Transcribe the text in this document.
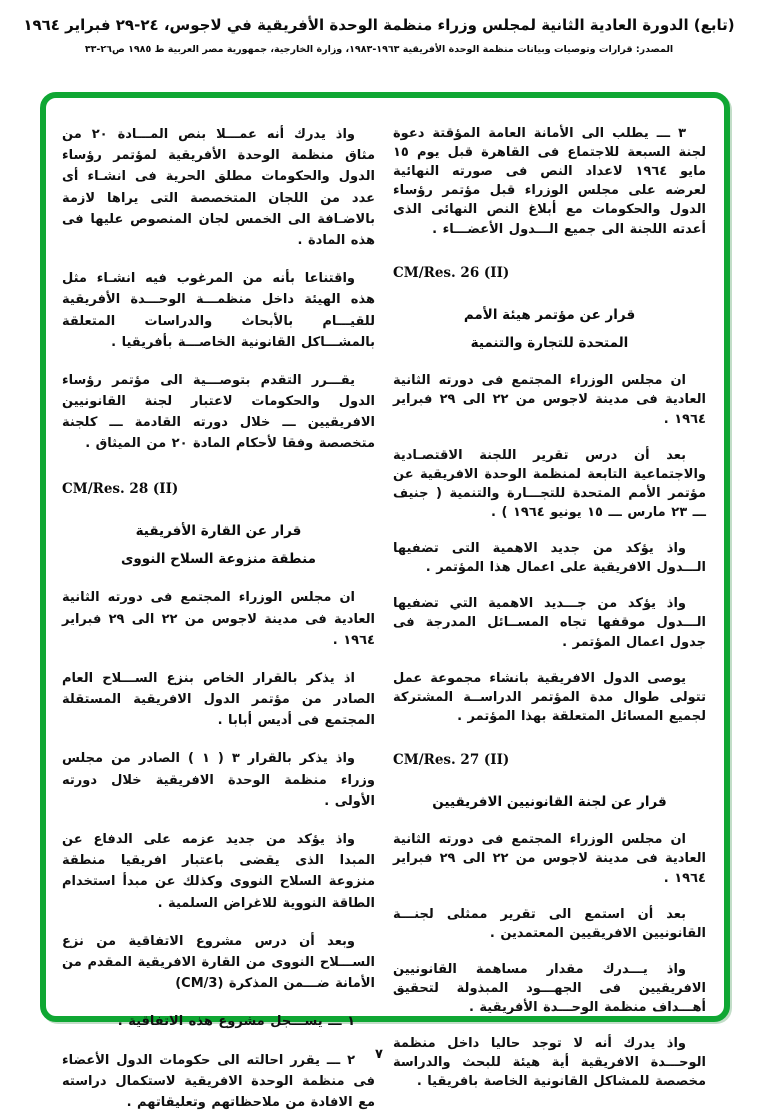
(تابع) الدورة العادية الثانية لمجلس وزراء منظمة الوحدة الأفريقية في لاجوس، ٢٤-٢٩ فبراير ١٩٦٤
المصدر: قرارات وتوصيات وبيانات منظمة الوحدة الأفريقية ١٩٦٣-١٩٨٣، وزارة الخارجية، جمهورية مصر العربية ط ١٩٨٥ ص٢٦-٣٣

٣ ـــ يطلب الى الأمانة العامة المؤقتة دعوة لجنة السبعة للاجتماع فى القاهرة قبل يوم ١٥ مايو ١٩٦٤ لاعداد النص فى صورته النهائية لعرضه على مجلس الوزراء قبل مؤتمر رؤساء الدول والحكومات مع أبلاغ النص النهائى الذى أعدته اللجنة الى جميع الـــدول الأعضـــاء .

CM/Res. 26 (II)
قرار عن مؤتمر هيئة الأمم
المتحدة للتجارة والتنمية

ان مجلس الوزراء المجتمع فى دورته الثانية العادية فى مدينة لاجوس من ٢٢ الى ٢٩ فبراير ١٩٦٤ .

بعد أن درس تقرير اللجنة الاقتصـادية والاجتماعية التابعة لمنظمة الوحدة الافريقية عن مؤتمر الأمم المتحدة للتجـــارة والتنمية ( جنيف ـــ ٢٣ مارس ـــ ١٥ يونيو ١٩٦٤ ) .

واذ يؤكد من جديد الاهمية التى تضفيها الـــدول الافريقية على اعمال هذا المؤتمر .

واذ يؤكد من جـــديد الاهمية التي تضفيها الـــدول موقفها تجاه المســائل المدرجة فى جدول اعمال المؤتمر .

يوصى الدول الافريقية بانشاء مجموعة عمل تتولى طوال مدة المؤتمر الدراســة المشتركة لجميع المسائل المتعلقة بهذا المؤتمر .

CM/Res. 27 (II)
قرار عن لجنة القانونيين الافريقيين

ان مجلس الوزراء المجتمع فى دورته الثانية العادية فى مدينة لاجوس من ٢٢ الى ٢٩ فبراير ١٩٦٤ .

بعد أن استمع الى تقرير ممثلى لجنـــة القانونيين الافريقيين المعتمدين .

واذ يـــدرك مقدار مساهمة القانونيين الافريقيين فى الجهـــود المبذولة لتحقيق أهـــداف منظمة الوحـــدة الأفريقية .

واذ يدرك أنه لا توجد حاليا داخل منظمة الوحـــدة الافريقية أية هيئة للبحث والدراسة مخصصة للمشاكل القانونية الخاصة بافريقيا .

واذ يدرك أنه عمـــلا بنص المـــادة ٢٠ من مثاق منظمة الوحدة الأفريقية لمؤتمر رؤساء الدول والحكومات مطلق الحرية فى انشـاء أى عدد من اللجان المتخصصة التى يراها لازمة بالاضـافة الى الخمس لجان المنصوص عليها فى هذه المادة .

واقتناعا بأنه من المرغوب فيه انشـاء مثل هذه الهيئة داخل منظمـــة الوحـــدة الأفريقية للقيـــام بالأبحاث والدراسات المتعلقة بالمشـــاكل القانونية الخاصـــة بأفريقيا .

يقـــرر التقدم بتوصـــية الى مؤتمر رؤساء الدول والحكومات لاعتبار لجنة القانونيين الافريقيين ـــ خلال دورته القادمة ـــ كلجنة متخصصة وفقا لأحكام المادة ٢٠ من الميثاق .

CM/Res. 28 (II)
قرار عن القارة الأفريقية
منطقة منزوعة السلاح النووى

ان مجلس الوزراء المجتمع فى دورته الثانية العادية فى مدينة لاجوس من ٢٢ الى ٢٩ فبراير ١٩٦٤ .

اذ يذكر بالقرار الخاص بنزع الســـلاح العام الصادر من مؤتمر الدول الافريقية المستقلة المجتمع فى أديس أبابا .

واذ يذكر بالقرار ٣ ( ١ ) الصادر من مجلس وزراء منظمة الوحدة الافريقية خلال دورته الأولى .

واذ يؤكد من جديد عزمه على الدفاع عن المبدا الذى يقضى باعتبار افريقيا منطقة منزوعة السلاح النووى وكذلك عن مبدأ استخدام الطاقة النووية للاغراض السلمية .

وبعد أن درس مشروع الاتفاقية من نزع الســـلاح النووى من القارة الافريقية المقدم من الأمانة ضـــمن المذكرة (CM/3)

١ ـــ يســـجل مشروع هذه الاتفاقية .

٢ ـــ يقرر احالته الى حكومات الدول الأعضاء فى منظمة الوحدة الافريقية لاستكمال دراسته مع الافادة من ملاحظاتهم وتعليقاتهم .

٧
